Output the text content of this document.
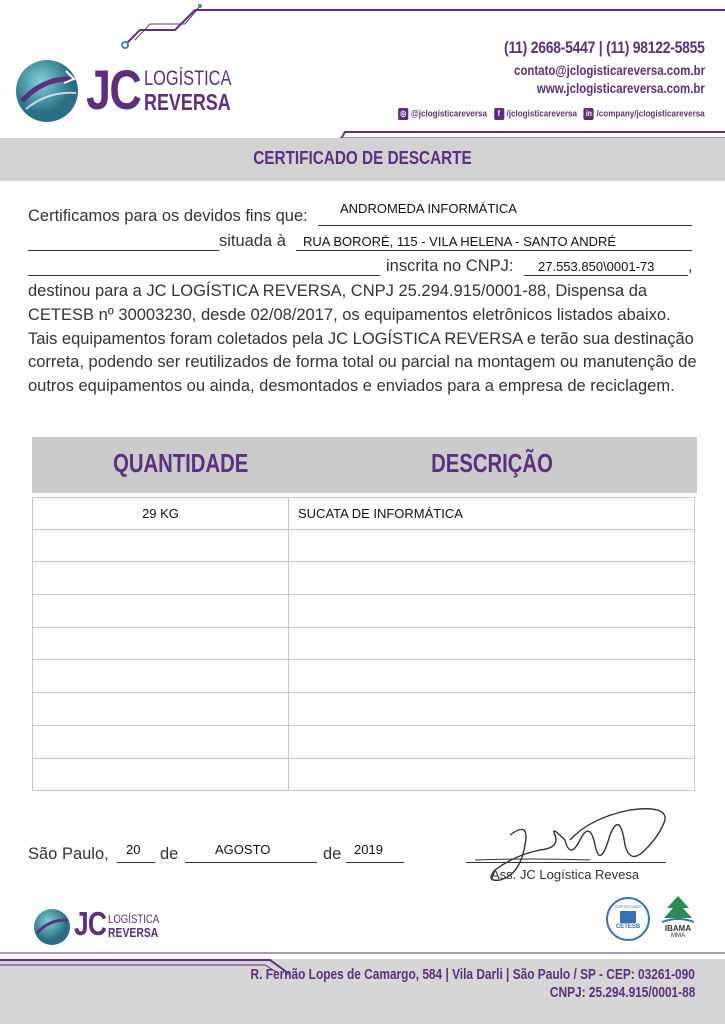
JC LOGÍSTICA
REVERSA
(11) 2668-5447 | (11) 98122-5855
contato@jclogisticareversa.com.br
www.jclogisticareversa.com.br
◎ @jclogisticareversa	f /jclogisticareversa in /company/jclogisticareversa
CERTIFICADO DE DESCARTE
Certificamos para os devidos fins que: ANDROMEDA INFORMÁTICA
situada à RUA BORORÉ, 115 - VILA HELENA - SANTO ANDRÉ
inscrita no CNPJ: 27.553.850\0001-73 ,
destinou para a JC LOGÍSTICA REVERSA, CNPJ 25.294.915/0001-88, Dispensa da CETESB nº 30003230, desde 02/08/2017, os equipamentos eletrônicos listados abaixo. Tais equipamentos foram coletados pela JC LOGÍSTICA REVERSA e terão sua destinação correta, podendo ser reutilizados de forma total ou parcial na montagem ou manutenção de outros equipamentos ou ainda, desmontados e enviados para a empresa de reciclagem.
QUANTIDADE	DESCRIÇÃO
29 KG	SUCATA DE INFORMÁTICA
São Paulo, 20 de	AGOSTO	de 2019
Ass. JC Logística Revesa
JC LOGÍSTICA
REVERSA
CERTIFICADO
CETESB	IBAMA
MMA
R. Fernão Lopes de Camargo, 584 | Vila Darli | São Paulo / SP - CEP: 03261-090
CNPJ: 25.294.915/0001-88
